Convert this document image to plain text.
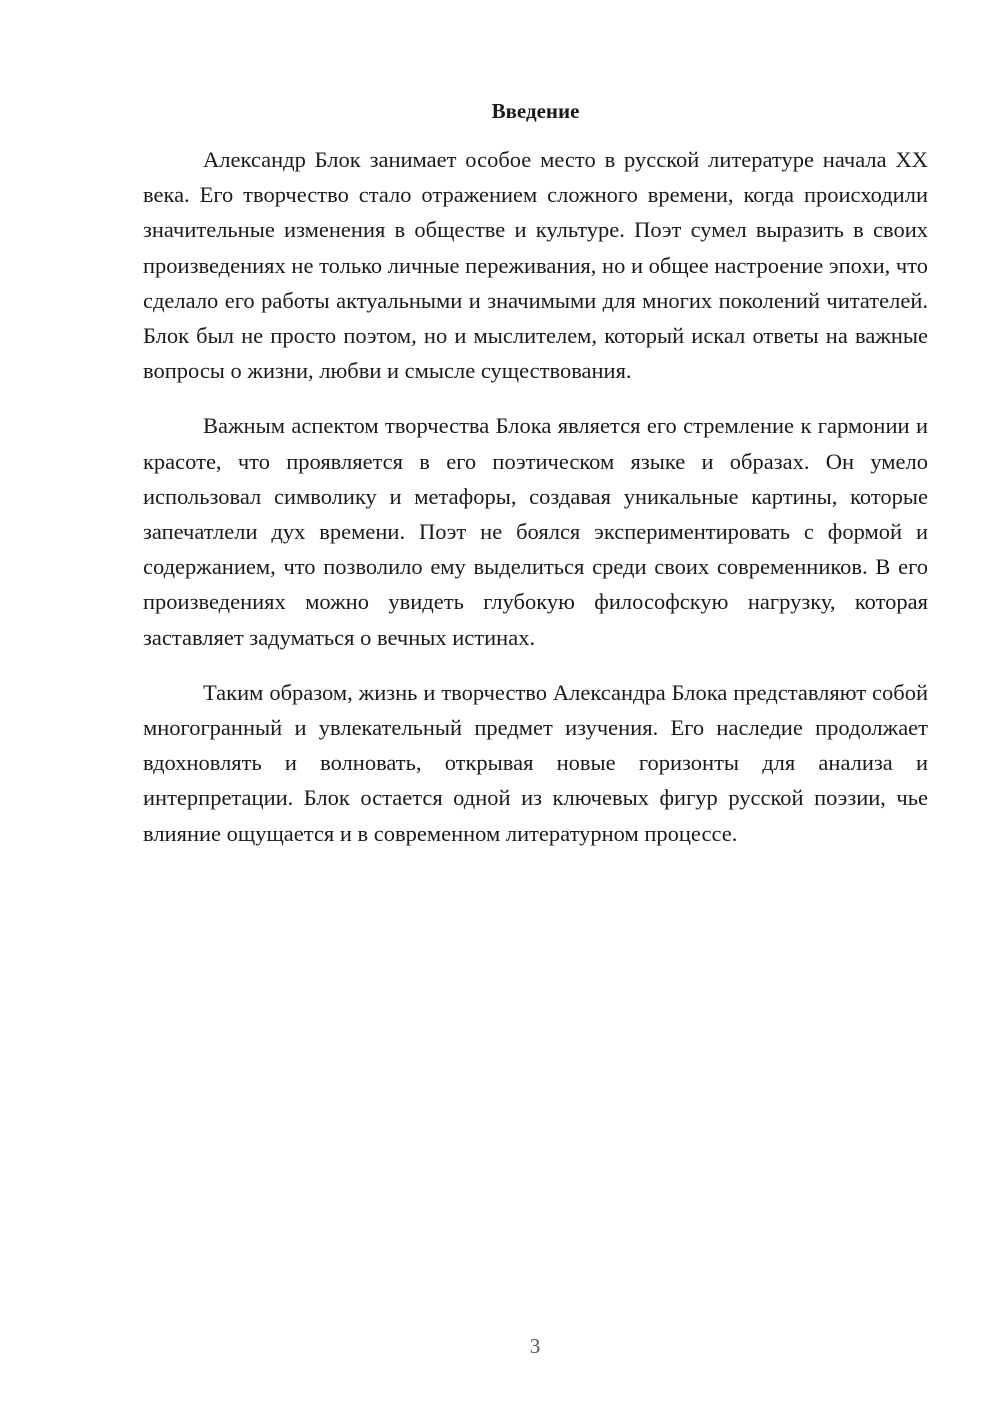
Введение

Александр Блок занимает особое место в русской литературе начала XX века. Его творчество стало отражением сложного времени, когда происходили значительные изменения в обществе и культуре. Поэт сумел выразить в своих произведениях не только личные переживания, но и общее настроение эпохи, что сделало его работы актуальными и значимыми для многих поколений читателей. Блок был не просто поэтом, но и мыслителем, который искал ответы на важные вопросы о жизни, любви и смысле существования.

Важным аспектом творчества Блока является его стремление к гармонии и красоте, что проявляется в его поэтическом языке и образах. Он умело использовал символику и метафоры, создавая уникальные картины, которые запечатлели дух времени. Поэт не боялся экспериментировать с формой и содержанием, что позволило ему выделиться среди своих современников. В его произведениях можно увидеть глубокую философскую нагрузку, которая заставляет задуматься о вечных истинах.

Таким образом, жизнь и творчество Александра Блока представляют собой многогранный и увлекательный предмет изучения. Его наследие продолжает вдохновлять и волновать, открывая новые горизонты для анализа и интерпретации. Блок остается одной из ключевых фигур русской поэзии, чье влияние ощущается и в современном литературном процессе.

3
